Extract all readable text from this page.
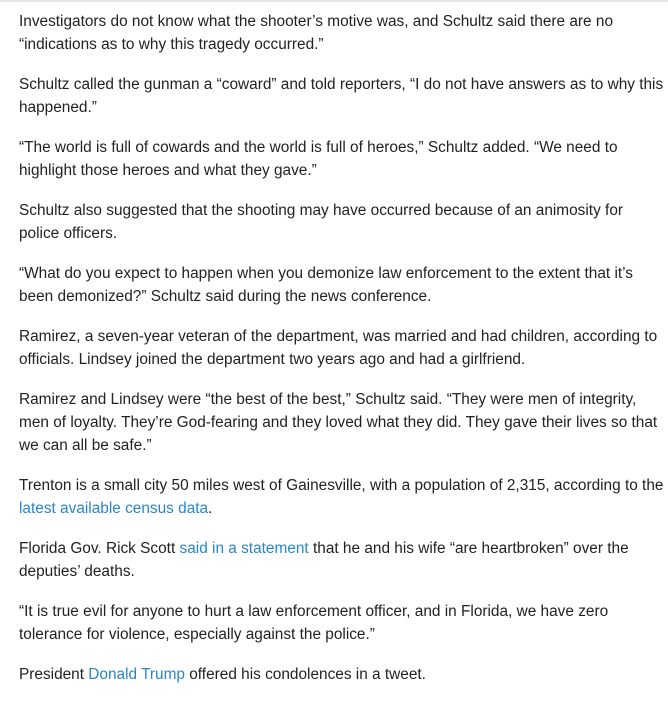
Investigators do not know what the shooter’s motive was, and Schultz said there are no “indications as to why this tragedy occurred.”

Schultz called the gunman a “coward” and told reporters, “I do not have answers as to why this happened.”

“The world is full of cowards and the world is full of heroes,” Schultz added. “We need to highlight those heroes and what they gave.”

Schultz also suggested that the shooting may have occurred because of an animosity for police officers.

“What do you expect to happen when you demonize law enforcement to the extent that it’s been demonized?” Schultz said during the news conference.

Ramirez, a seven-year veteran of the department, was married and had children, according to officials. Lindsey joined the department two years ago and had a girlfriend.

Ramirez and Lindsey were “the best of the best,” Schultz said. “They were men of integrity, men of loyalty. They’re God-fearing and they loved what they did. They gave their lives so that we can all be safe.”

Trenton is a small city 50 miles west of Gainesville, with a population of 2,315, according to the latest available census data.

Florida Gov. Rick Scott said in a statement that he and his wife “are heartbroken” over the deputies’ deaths.

“It is true evil for anyone to hurt a law enforcement officer, and in Florida, we have zero tolerance for violence, especially against the police.”

President Donald Trump offered his condolences in a tweet.
